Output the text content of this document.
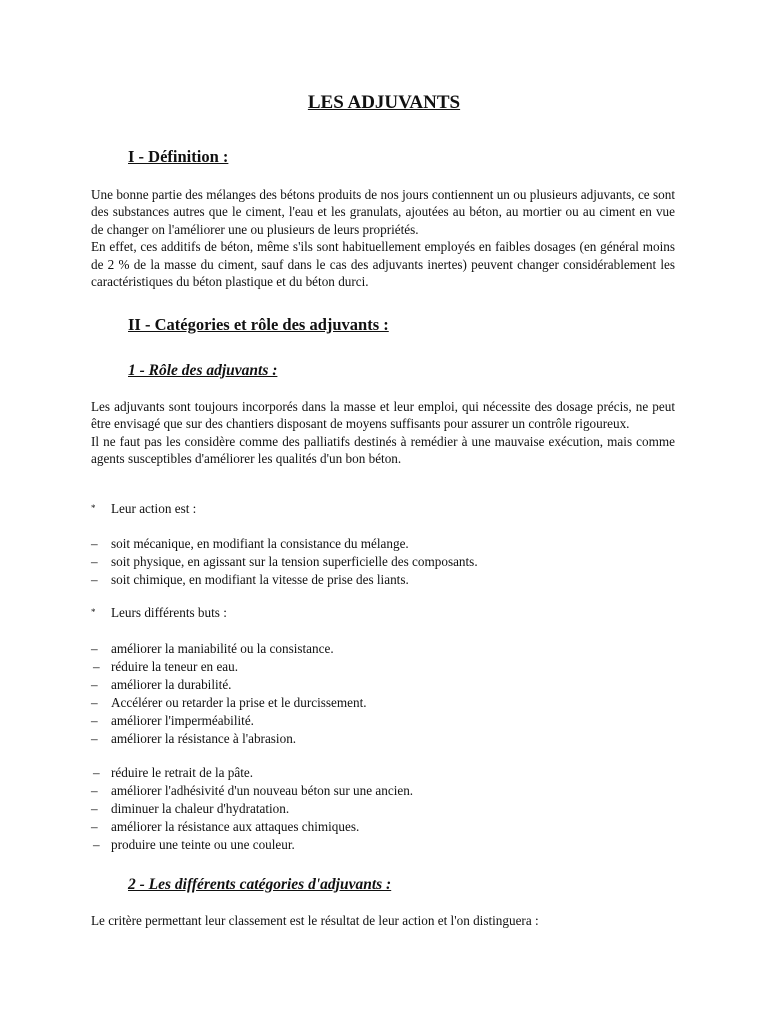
LES ADJUVANTS
I - Définition :

Une bonne partie des mélanges des bétons produits de nos jours contiennent un ou plusieurs adjuvants, ce sont des substances autres que le ciment, l'eau et les granulats, ajoutées au béton, au mortier ou au ciment en vue de changer on l'améliorer une ou plusieurs de leurs propriétés.

En effet, ces additifs de béton, même s'ils sont habituellement employés en faibles dosages (en général moins de 2 % de la masse du ciment, sauf dans le cas des adjuvants inertes) peuvent changer considérablement les caractéristiques du béton plastique et du béton durci.

II - Catégories et rôle des adjuvants :
1 - Rôle des adjuvants :

Les adjuvants sont toujours incorporés dans la masse et leur emploi, qui nécessite des dosage précis, ne peut être envisagé que sur des chantiers disposant de moyens suffisants pour assurer un contrôle rigoureux.

Il ne faut pas les considère comme des palliatifs destinés à remédier à une mauvaise exécution, mais comme agents susceptibles d'améliorer les qualités d'un bon béton.

*	Leur action est :
–	soit mécanique, en modifiant la consistance du mélange.
–	soit physique, en agissant sur la tension superficielle des composants.
–	soit chimique, en modifiant la vitesse de prise des liants.
*	Leurs différents buts :
–	améliorer la maniabilité ou la consistance.
– réduire la teneur en eau.
–	améliorer la durabilité.
–	Accélérer ou retarder la prise et le durcissement.
–	améliorer l'imperméabilité.
–	améliorer la résistance à l'abrasion.
– réduire le retrait de la pâte.
–	améliorer l'adhésivité d'un nouveau béton sur une ancien.
–	diminuer la chaleur d'hydratation.
–	améliorer la résistance aux attaques chimiques.
– produire une teinte ou une couleur.
2 - Les différents catégories d'adjuvants :
Le critère permettant leur classement est le résultat de leur action et l'on distinguera :
